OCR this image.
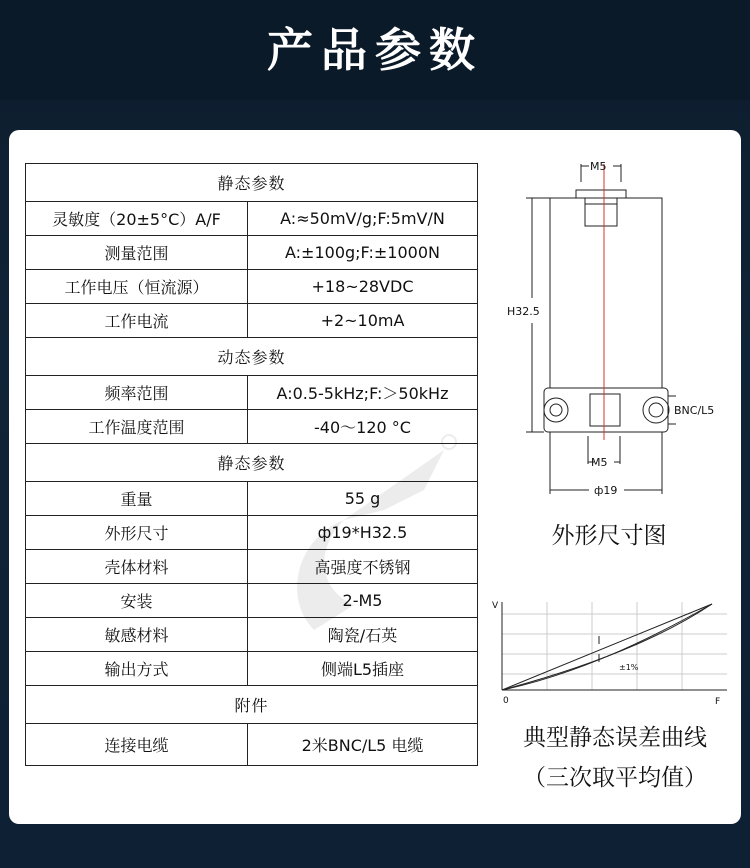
产品参数
静态参数	
灵敏度（20±5°C）A/F	A:≈50mV/g;F:5mV/N
测量范围	A:±100g;F:±1000N
工作电压（恒流源）	+18~28VDC
工作电流	+2~10mA
动态参数	
频率范围	A:0.5-5kHz;F:＞50kHz
工作温度范围	-40～120 °C
静态参数	
重量	55 g
外形尺寸	ф19*H32.5
壳体材料	高强度不锈钢
安装	2-M5
敏感材料	陶瓷/石英
输出方式	侧端L5插座
附件	
连接电缆	2米BNC/L5 电缆
M5
H32.5
BNC/L5
M5
ф19
外形尺寸图
V
F
0
±1%
典型静态误差曲线
（三次取平均值）
